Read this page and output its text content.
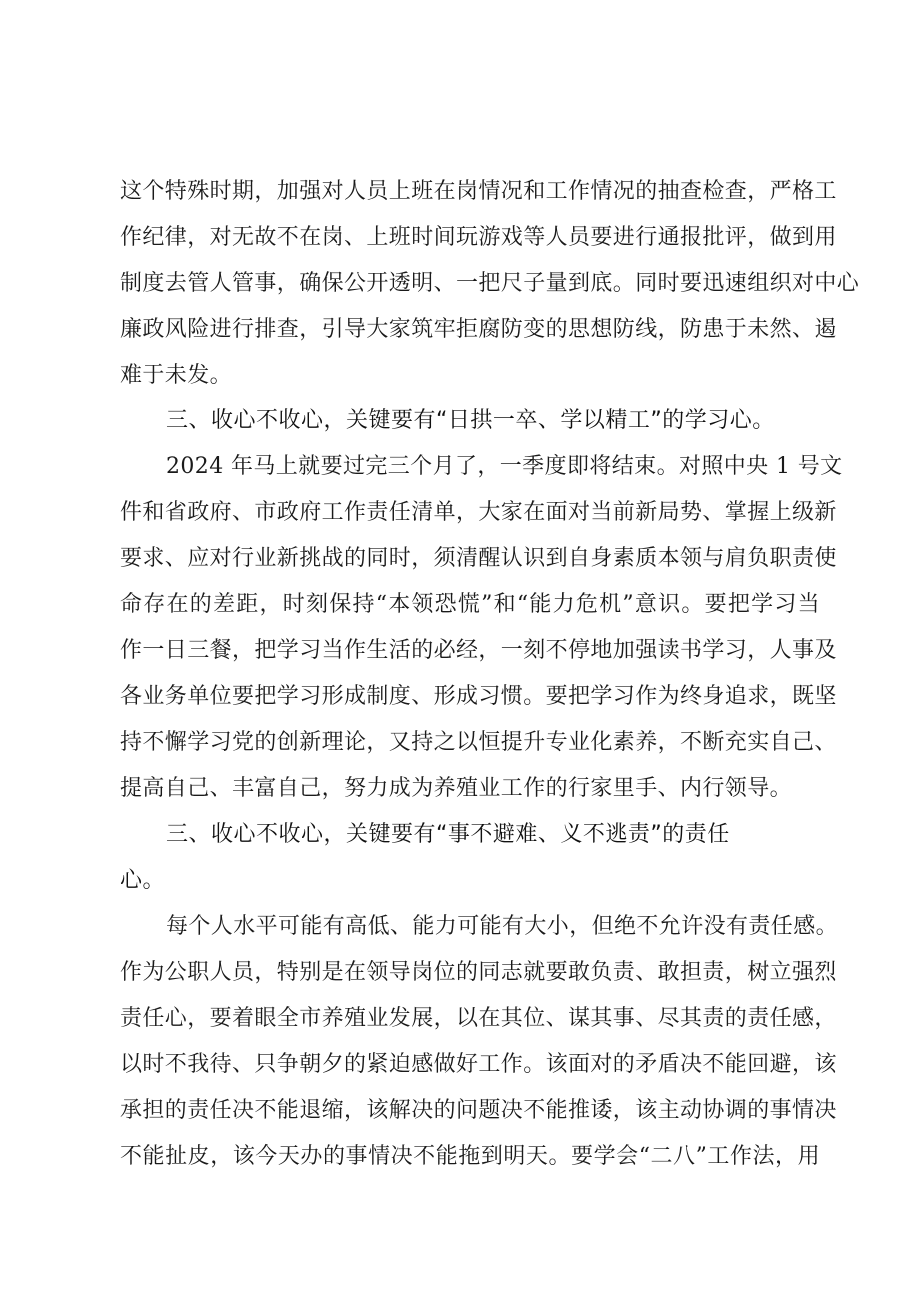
这个特殊时期，加强对人员上班在岗情况和工作情况的抽查检查，严格工
作纪律，对无故不在岗、上班时间玩游戏等人员要进行通报批评，做到用
制度去管人管事，确保公开透明、一把尺子量到底。同时要迅速组织对中心
廉政风险进行排查，引导大家筑牢拒腐防变的思想防线，防患于未然、遏
难于未发。
三、收心不收心，关键要有“日拱一卒、学以精工”的学习心。
2024 年马上就要过完三个月了，一季度即将结束。对照中央 1 号文
件和省政府、市政府工作责任清单，大家在面对当前新局势、掌握上级新
要求、应对行业新挑战的同时，须清醒认识到自身素质本领与肩负职责使
命存在的差距，时刻保持“本领恐慌”和“能力危机”意识。要把学习当
作一日三餐，把学习当作生活的必经，一刻不停地加强读书学习，人事及
各业务单位要把学习形成制度、形成习惯。要把学习作为终身追求，既坚
持不懈学习党的创新理论，又持之以恒提升专业化素养，不断充实自己、
提高自己、丰富自己，努力成为养殖业工作的行家里手、内行领导。
三、收心不收心，关键要有“事不避难、义不逃责”的责任
心。
每个人水平可能有高低、能力可能有大小，但绝不允许没有责任感。
作为公职人员，特别是在领导岗位的同志就要敢负责、敢担责，树立强烈
责任心，要着眼全市养殖业发展，以在其位、谋其事、尽其责的责任感，
以时不我待、只争朝夕的紧迫感做好工作。该面对的矛盾决不能回避，该
承担的责任决不能退缩，该解决的问题决不能推诿，该主动协调的事情决
不能扯皮，该今天办的事情决不能拖到明天。要学会“二八”工作法，用
